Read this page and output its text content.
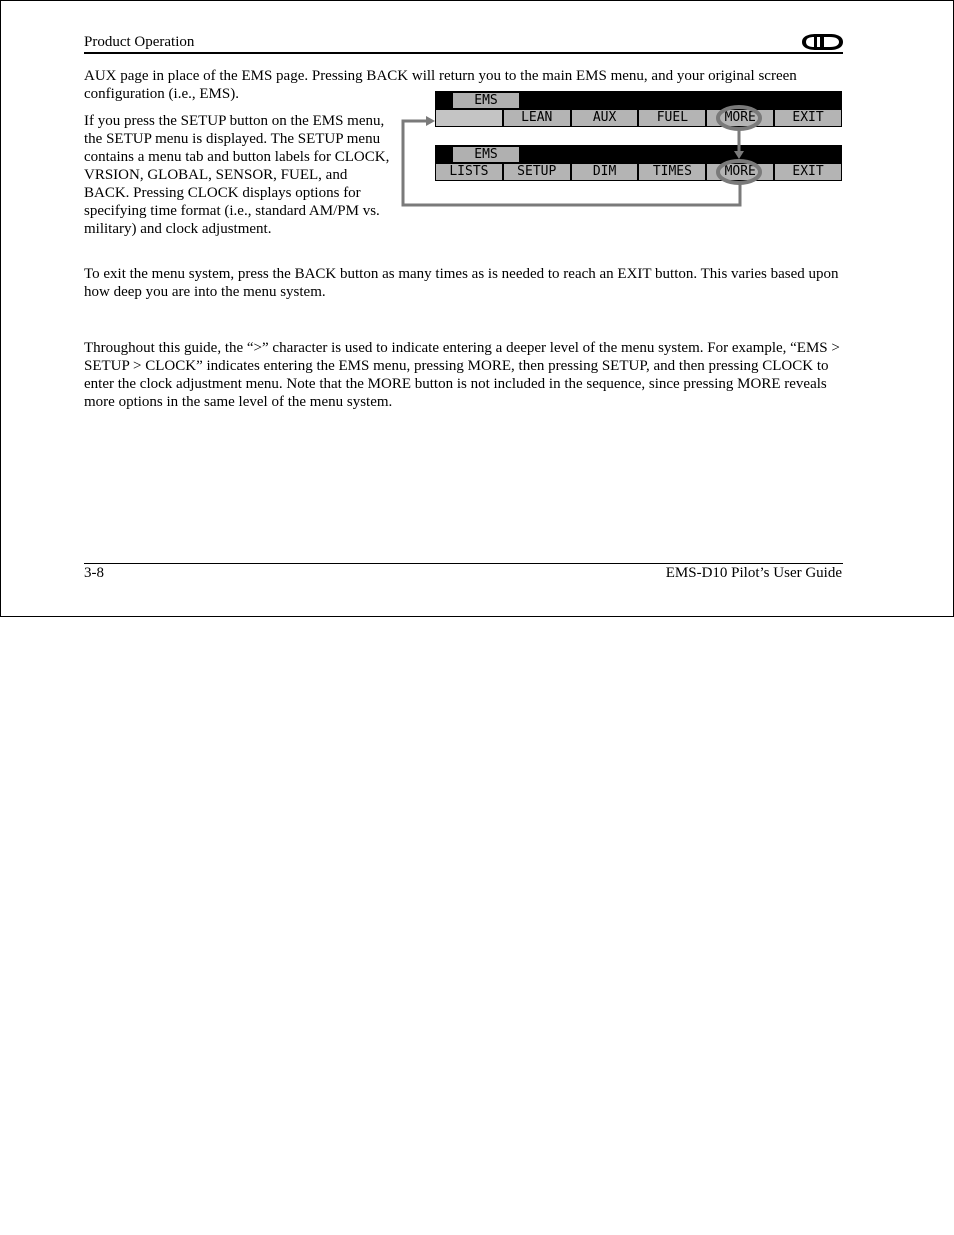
Product Operation

AUX page in place of the EMS page. Pressing BACK will return you to the main EMS menu, and your original screen configuration (i.e., EMS).

If you press the SETUP button on the EMS menu, the SETUP menu is displayed. The SETUP menu contains a menu tab and button labels for CLOCK, VRSION, GLOBAL, SENSOR, FUEL, and BACK. Pressing CLOCK displays options for specifying time format (i.e., standard AM/PM vs. military) and clock adjustment.

EMS
LEAN	AUX	FUEL	MORE	EXIT
EMS
LISTS	SETUP	DIM	TIMES	MORE	EXIT

To exit the menu system, press the BACK button as many times as is needed to reach an EXIT button. This varies based upon how deep you are into the menu system.

Throughout this guide, the “>” character is used to indicate entering a deeper level of the menu system. For example, “EMS > SETUP > CLOCK” indicates entering the EMS menu, pressing MORE, then pressing SETUP, and then pressing CLOCK to enter the clock adjustment menu. Note that the MORE button is not included in the sequence, since pressing MORE reveals more options in the same level of the menu system.

3-8	EMS-D10 Pilot’s User Guide
